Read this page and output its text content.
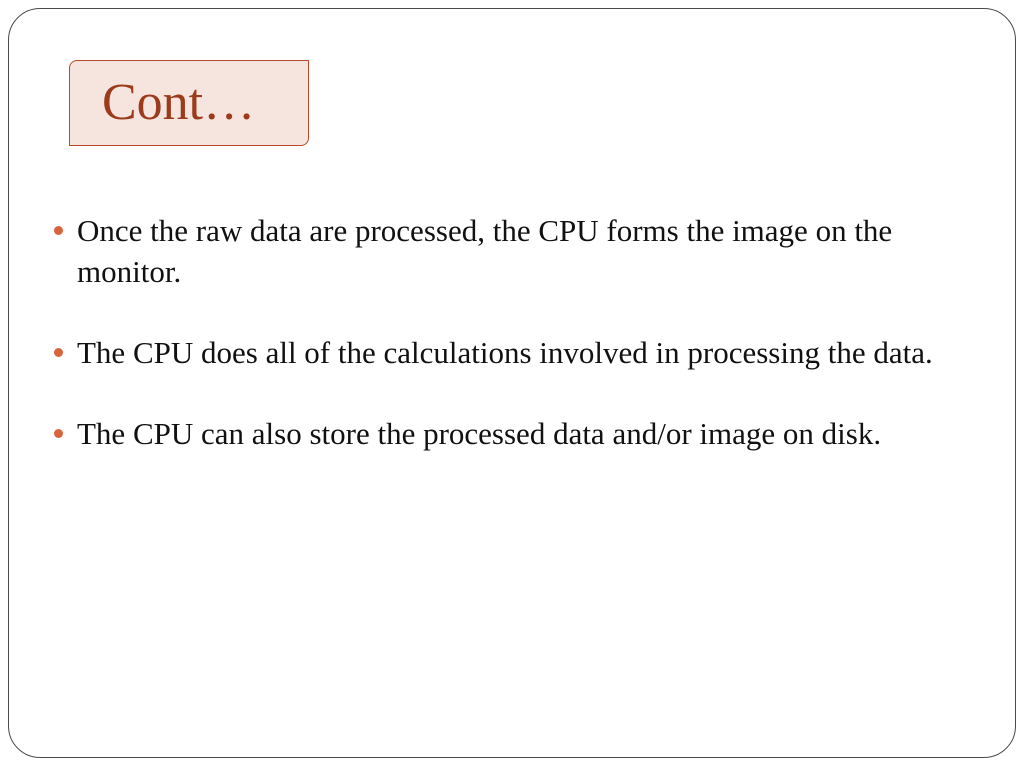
Cont…
Once the raw data are processed, the CPU forms the image on the monitor.
The CPU does all of the calculations involved in processing the data.
The CPU can also store the processed data and/or image on disk.
